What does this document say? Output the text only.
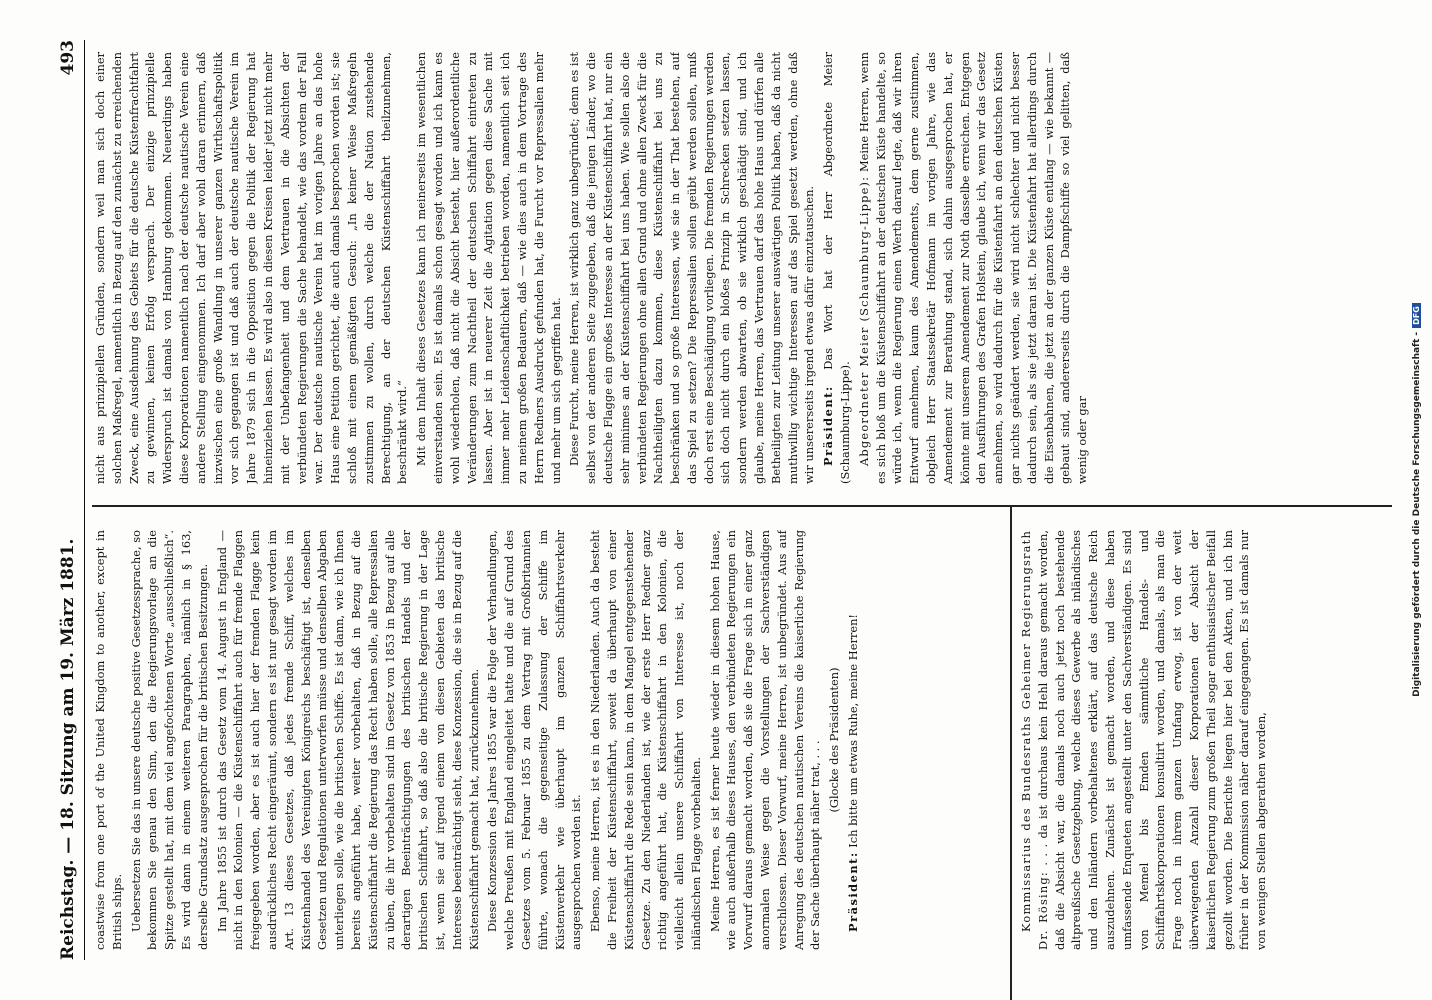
Reichstag. — 18. Sitzung am 19. März 1881.
493

coastwise from one port of the United Kingdom to another, except in British ships. Uebersetzen Sie das in unsere deutsche positive Gesetzessprache, so bekommen Sie genau den Sinn, den die Regierungsvorlage an die Spitze gestellt hat, mit dem viel angefochtenen Worte „ausschließlich“. Es wird dann in einem weiteren Paragraphen, nämlich in § 163, derselbe Grundsatz ausgesprochen für die britischen Besitzungen. Im Jahre 1855 ist durch das Gesetz vom 14. August in England — nicht in den Kolonien — die Küstenschiffahrt auch für fremde Flaggen freigegeben worden, aber es ist auch hier der fremden Flagge kein ausdrückliches Recht eingeräumt, sondern es ist nur gesagt worden im Art. 13 dieses Gesetzes, daß jedes fremde Schiff, welches im Küstenhandel des Vereinigten Königreichs beschäftigt ist, denselben Gesetzen und Regulationen unterworfen müsse und denselben Abgaben unterliegen solle, wie die britischen Schiffe. Es ist dann, wie ich Ihnen bereits angeführt habe, weiter vorbehalten, daß in Bezug auf die Küstenschiffahrt die Regierung das Recht haben solle, alle Repressalien zu üben, die ihr vorbehalten sind im Gesetz von 1853 in Bezug auf alle derartigen Beeinträchtigungen des britischen Handels und der britischen Schiffahrt, so daß also die britische Regierung in der Lage ist, wenn sie auf irgend einem von diesen Gebieten das britische Interesse beeinträchtigt sieht, diese Konzession, die sie in Bezug auf die Küstenschiffahrt gemacht hat, zurückzunehmen. Diese Konzession des Jahres 1855 war die Folge der Verhandlungen, welche Preußen mit England eingeleitet hatte und die auf Grund des Gesetzes vom 5. Februar 1855 zu dem Vertrag mit Großbritannien führte, wonach die gegenseitige Zulassung der Schiffe im Küstenverkehr wie überhaupt im ganzen Schiffahrtsverkehr ausgesprochen worden ist. Ebenso, meine Herren, ist es in den Niederlanden. Auch da besteht die Freiheit der Küstenschiffahrt, soweit da überhaupt von einer Küstenschiffahrt die Rede sein kann, in dem Mangel entgegenstehender Gesetze. Zu den Niederlanden ist, wie der erste Herr Redner ganz richtig angeführt hat, die Küstenschiffahrt in den Kolonien, die vielleicht allein unsere Schiffahrt von Interesse ist, noch der inländischen Flagge vorbehalten. Meine Herren, es ist ferner heute wieder in diesem hohen Hause, wie auch außerhalb dieses Hauses, den verbündeten Regierungen ein Vorwurf daraus gemacht worden, daß sie die Frage sich in einer ganz anormalen Weise gegen die Vorstellungen der Sachverständigen verschlossen. Dieser Vorwurf, meine Herren, ist unbegründet. Aus auf Anregung des deutschen nautischen Vereins die kaiserliche Regierung der Sache überhaupt näher trat, . . .

(Glocke des Präsidenten)

Präsident: Ich bitte um etwas Ruhe, meine Herren!	Kommissarius des Bundesraths Geheimer Regierungsrath Dr. Rösing: . . . da ist durchaus kein Hehl daraus gemacht worden, daß die Absicht war, die damals noch auch jetzt noch bestehende altpreußische Gesetzgebung, welche dieses Gewerbe als inländisches und den Inländern vorbehaltenes erklärt, auf das deutsche Reich auszudehnen. Zunächst ist gemacht worden, und diese haben umfassende Enqueten angestellt unter den Sachverständigen. Es sind von Memel bis Emden sämmtliche Handels- und Schiffahrtskorporationen konsultirt worden, und damals, als man die Frage noch in ihrem ganzen Umfang erwog, ist von der weit überwiegenden Anzahl dieser Korporationen der Absicht der kaiserlichen Regierung zum großen Theil sogar enthusiastischer Beifall gezollt worden. Die Berichte liegen hier bei den Akten, und ich bin früher in der Kommission näher darauf eingegangen. Es ist damals nur von wenigen Stellen abgerathen worden,

nicht aus prinzipiellen Gründen, sondern weil man sich doch einer solchen Maßregel, namentlich in Bezug auf den zunächst zu erreichenden Zweck, eine Ausdehnung des Gebiets für die deutsche Küstenfrachtfahrt zu gewinnen, keinen Erfolg versprach. Der einzige prinzipielle Widerspruch ist damals von Hamburg gekommen. Neuerdings haben diese Korporationen namentlich nach der deutsche nautische Verein eine andere Stellung eingenommen. Ich darf aber wohl daran erinnern, daß inzwischen eine große Wandlung in unserer ganzen Wirthschaftspolitik vor sich gegangen ist und daß auch der deutsche nautische Verein im Jahre 1879 sich in die Opposition gegen die Politik der Regierung hat hineinziehen lassen. Es wird also in diesen Kreisen leider jetzt nicht mehr mit der Unbefangenheit und dem Vertrauen in die Absichten der verbündeten Regierungen die Sache behandelt, wie das vordem der Fall war. Der deutsche nautische Verein hat im vorigen Jahre an das hohe Haus eine Petition gerichtet, die auch damals besprochen worden ist; sie schloß mit einem gemäßigten Gesuch: „In keiner Weise Maßregeln zustimmen zu wollen, durch welche die der Nation zustehende Berechtigung, an der deutschen Küstenschiffahrt theilzunehmen, beschränkt wird.“ Mit dem Inhalt dieses Gesetzes kann ich meinerseits im wesentlichen einverstanden sein. Es ist damals schon gesagt worden und ich kann es wohl wiederholen, daß nicht die Absicht besteht, hier außerordentliche Veränderungen zum Nachtheil der deutschen Schiffahrt eintreten zu lassen. Aber ist in neuerer Zeit die Agitation gegen diese Sache mit immer mehr Leidenschaftlichkeit betrieben worden, namentlich seit ich zu meinem großen Bedauern, daß — wie dies auch in dem Vortrage des Herrn Redners Ausdruck gefunden hat, die Furcht vor Repressalien mehr und mehr um sich gegriffen hat. Diese Furcht, meine Herren, ist wirklich ganz unbegründet; denn es ist selbst von der anderen Seite zugegeben, daß die jenigen Länder, wo die deutsche Flagge ein großes Interesse an der Küstenschiffahrt hat, nur ein sehr minimes an der Küstenschiffahrt bei uns haben. Wie sollen also die verbündeten Regierungen ohne allen Grund und ohne allen Zweck für die Nachtheiligten dazu kommen, diese Küstenschiffahrt bei uns zu beschränken und so große Interessen, wie sie in der That bestehen, auf das Spiel zu setzen? Die Repressalien sollen geübt werden sollen, muß doch erst eine Beschädigung vorliegen. Die fremden Regierungen werden sich doch nicht durch ein bloßes Prinzip in Schrecken setzen lassen, sondern werden abwarten, ob sie wirklich geschädigt sind, und ich glaube, meine Herren, das Vertrauen darf das hohe Haus und dürfen alle Betheiligten zur Leitung unserer auswärtigen Politik haben, daß da nicht muthwillig wichtige Interessen auf das Spiel gesetzt werden, ohne daß wir unsererseits irgend etwas dafür einzutauschen. Präsident: Das Wort hat der Herr Abgeordnete Meier (Schaumburg-Lippe). Abgeordneter Meier (Schaumburg-Lippe): Meine Herren, wenn es sich bloß um die Küstenschiffahrt an der deutschen Küste handelte, so würde ich, wenn die Regierung einen Werth darauf legte, daß wir ihren Entwurf annehmen, kaum des Amendements, dem gerne zustimmen, obgleich Herr Staatssekretär Hofmann im vorigen Jahre, wie das Amendement zur Berathung stand, sich dahin ausgesprochen hat, er könnte mit unserem Amendement zur Noth dasselbe erreichen. Entgegen den Ausführungen des Grafen Holstein, glaube ich, wenn wir das Gesetz annehmen, so wird dadurch für die Küstenfahrt an den deutschen Küsten gar nichts geändert werden, sie wird nicht schlechter und nicht besser dadurch sein, als sie jetzt daran ist. Die Küstenfahrt hat allerdings durch die Eisenbahnen, die jetzt an der ganzen Küste entlang — wie bekannt — gebaut sind, andererseits durch die Dampfschiffe so viel gelitten, daß wenig oder gar	Digitalisierung gefördert durch die Deutsche Forschungsgemeinschaft -DFG
